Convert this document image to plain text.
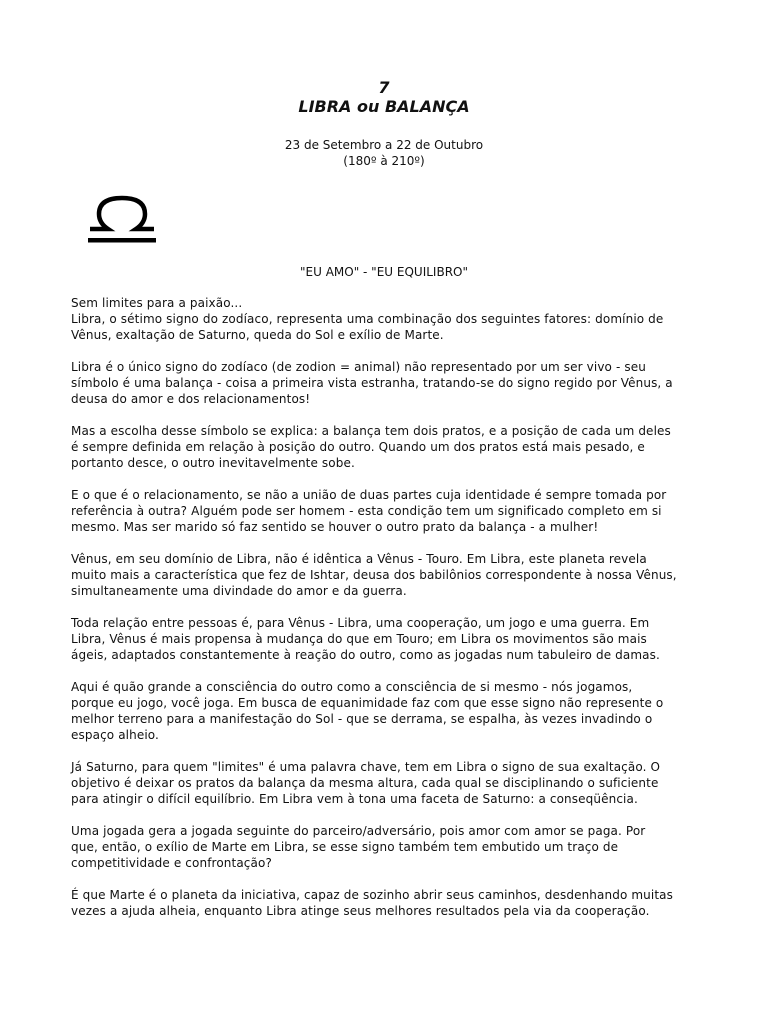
7
LIBRA ou BALANÇA
23 de Setembro a 22 de Outubro
(180º à 210º)
"EU AMO" - "EU EQUILIBRO"

Sem limites para a paixão...
Libra, o sétimo signo do zodíaco, representa uma combinação dos seguintes fatores: domínio de
Vênus, exaltação de Saturno, queda do Sol e exílio de Marte.

Libra é o único signo do zodíaco (de zodion = animal) não representado por um ser vivo - seu
símbolo é uma balança - coisa a primeira vista estranha, tratando-se do signo regido por Vênus, a
deusa do amor e dos relacionamentos!

Mas a escolha desse símbolo se explica: a balança tem dois pratos, e a posição de cada um deles
é sempre definida em relação à posição do outro. Quando um dos pratos está mais pesado, e
portanto desce, o outro inevitavelmente sobe.

E o que é o relacionamento, se não a união de duas partes cuja identidade é sempre tomada por
referência à outra? Alguém pode ser homem - esta condição tem um significado completo em si
mesmo. Mas ser marido só faz sentido se houver o outro prato da balança - a mulher!

Vênus, em seu domínio de Libra, não é idêntica a Vênus - Touro. Em Libra, este planeta revela
muito mais a característica que fez de Ishtar, deusa dos babilônios correspondente à nossa Vênus,
simultaneamente uma divindade do amor e da guerra.

Toda relação entre pessoas é, para Vênus - Libra, uma cooperação, um jogo e uma guerra. Em
Libra, Vênus é mais propensa à mudança do que em Touro; em Libra os movimentos são mais
ágeis, adaptados constantemente à reação do outro, como as jogadas num tabuleiro de damas.

Aqui é quão grande a consciência do outro como a consciência de si mesmo - nós jogamos,
porque eu jogo, você joga. Em busca de equanimidade faz com que esse signo não represente o
melhor terreno para a manifestação do Sol - que se derrama, se espalha, às vezes invadindo o
espaço alheio.

Já Saturno, para quem "limites" é uma palavra chave, tem em Libra o signo de sua exaltação. O
objetivo é deixar os pratos da balança da mesma altura, cada qual se disciplinando o suficiente
para atingir o difícil equilíbrio. Em Libra vem à tona uma faceta de Saturno: a conseqüência.

Uma jogada gera a jogada seguinte do parceiro/adversário, pois amor com amor se paga. Por
que, então, o exílio de Marte em Libra, se esse signo também tem embutido um traço de
competitividade e confrontação?

É que Marte é o planeta da iniciativa, capaz de sozinho abrir seus caminhos, desdenhando muitas
vezes a ajuda alheia, enquanto Libra atinge seus melhores resultados pela via da cooperação.
